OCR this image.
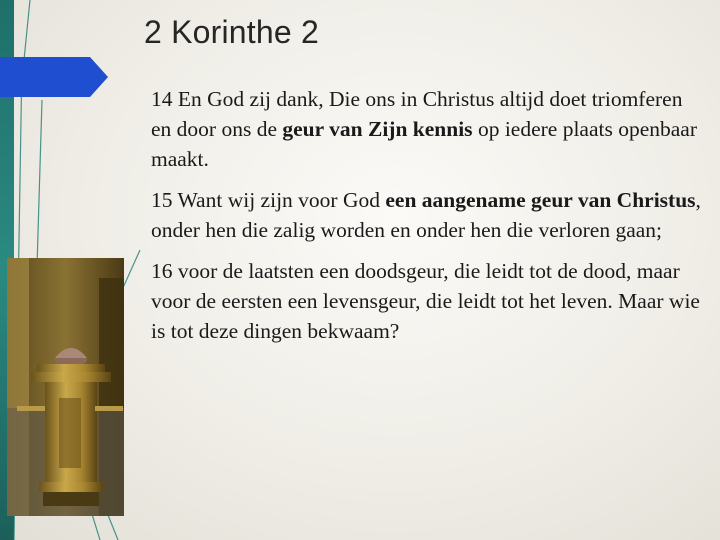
2 Korinthe 2

14 En God zij dank, Die ons in Christus altijd doet triomferen en door ons de geur van Zijn kennis op iedere plaats openbaar maakt.

15 Want wij zijn voor God een aangename geur van Christus, onder hen die zalig worden en onder hen die verloren gaan;

16 voor de laatsten een doodsgeur, die leidt tot de dood, maar voor de eersten een levensgeur, die leidt tot het leven. Maar wie is tot deze dingen bekwaam?
